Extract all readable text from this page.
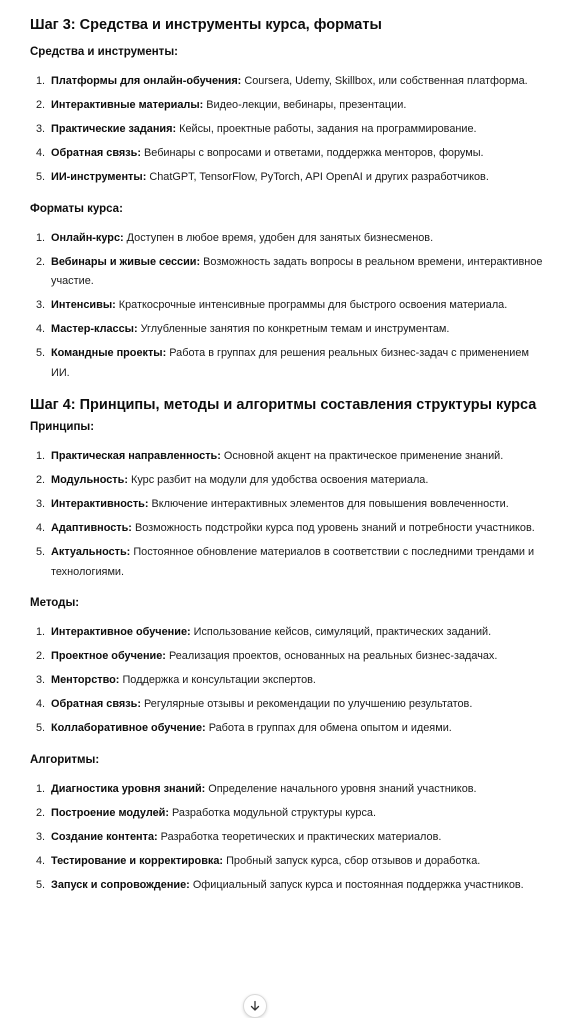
Шаг 3: Средства и инструменты курса, форматы
Средства и инструменты:
1. Платформы для онлайн-обучения: Coursera, Udemy, Skillbox, или собственная платформа.
2. Интерактивные материалы: Видео-лекции, вебинары, презентации.
3. Практические задания: Кейсы, проектные работы, задания на программирование.
4. Обратная связь: Вебинары с вопросами и ответами, поддержка менторов, форумы.
5. ИИ-инструменты: ChatGPT, TensorFlow, PyTorch, API OpenAI и других разработчиков.
Форматы курса:
1. Онлайн-курс: Доступен в любое время, удобен для занятых бизнесменов.
2. Вебинары и живые сессии: Возможность задать вопросы в реальном времени, интерактивное участие.
3. Интенсивы: Краткосрочные интенсивные программы для быстрого освоения материала.
4. Мастер-классы: Углубленные занятия по конкретным темам и инструментам.
5. Командные проекты: Работа в группах для решения реальных бизнес-задач с применением ИИ.
Шаг 4: Принципы, методы и алгоритмы составления структуры курса
Принципы:
1. Практическая направленность: Основной акцент на практическое применение знаний.
2. Модульность: Курс разбит на модули для удобства освоения материала.
3. Интерактивность: Включение интерактивных элементов для повышения вовлеченности.
4. Адаптивность: Возможность подстройки курса под уровень знаний и потребности участников.
5. Актуальность: Постоянное обновление материалов в соответствии с последними трендами и технологиями.
Методы:
1. Интерактивное обучение: Использование кейсов, симуляций, практических заданий.
2. Проектное обучение: Реализация проектов, основанных на реальных бизнес-задачах.
3. Менторство: Поддержка и консультации экспертов.
4. Обратная связь: Регулярные отзывы и рекомендации по улучшению результатов.
5. Коллаборативное обучение: Работа в группах для обмена опытом и идеями.
Алгоритмы:
1. Диагностика уровня знаний: Определение начального уровня знаний участников.
2. Построение модулей: Разработка модульной структуры курса.
3. Создание контента: Разработка теоретических и практических материалов.
4. Тестирование и корректировка: Пробный запуск курса, сбор отзывов и доработка.
5. Запуск и сопровождение: Официальный запуск курса и постоянная поддержка участников.
